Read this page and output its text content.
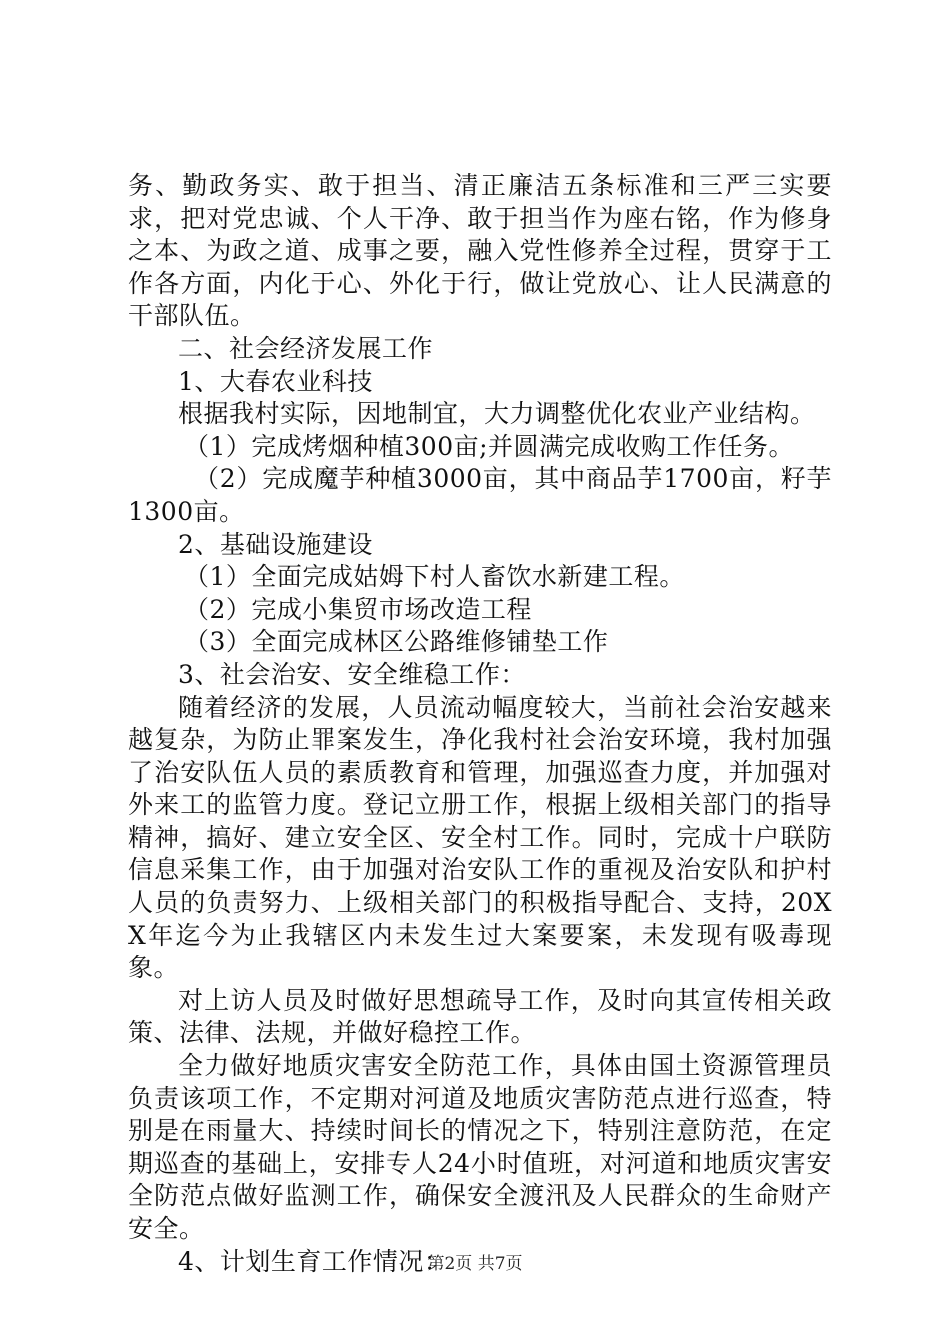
务、勤政务实、敢于担当、清正廉洁五条标准和三严三实要求，把对党忠诚、个人干净、敢于担当作为座右铭，作为修身之本、为政之道、成事之要，融入党性修养全过程，贯穿于工作各方面，内化于心、外化于行，做让党放心、让人民满意的干部队伍。

二、社会经济发展工作

1、大春农业科技

根据我村实际，因地制宜，大力调整优化农业产业结构。

（1）完成烤烟种植300亩;并圆满完成收购工作任务。

（2）完成魔芋种植3000亩，其中商品芋1700亩，籽芋1300亩。

2、基础设施建设

（1）全面完成姑姆下村人畜饮水新建工程。

（2）完成小集贸市场改造工程

（3）全面完成林区公路维修铺垫工作

3、社会治安、安全维稳工作：

随着经济的发展，人员流动幅度较大，当前社会治安越来越复杂，为防止罪案发生，净化我村社会治安环境，我村加强了治安队伍人员的素质教育和管理，加强巡查力度，并加强对外来工的监管力度。登记立册工作，根据上级相关部门的指导精神，搞好、建立安全区、安全村工作。同时，完成十户联防信息采集工作，由于加强对治安队工作的重视及治安队和护村人员的负责努力、上级相关部门的积极指导配合、支持，20XX年迄今为止我辖区内未发生过大案要案，未发现有吸毒现象。

对上访人员及时做好思想疏导工作，及时向其宣传相关政策、法律、法规，并做好稳控工作。

全力做好地质灾害安全防范工作，具体由国土资源管理员负责该项工作，不定期对河道及地质灾害防范点进行巡查，特别是在雨量大、持续时间长的情况之下，特别注意防范，在定期巡查的基础上，安排专人24小时值班，对河道和地质灾害安全防范点做好监测工作，确保安全渡汛及人民群众的生命财产安全。

4、计划生育工作情况：

第2页 共7页
